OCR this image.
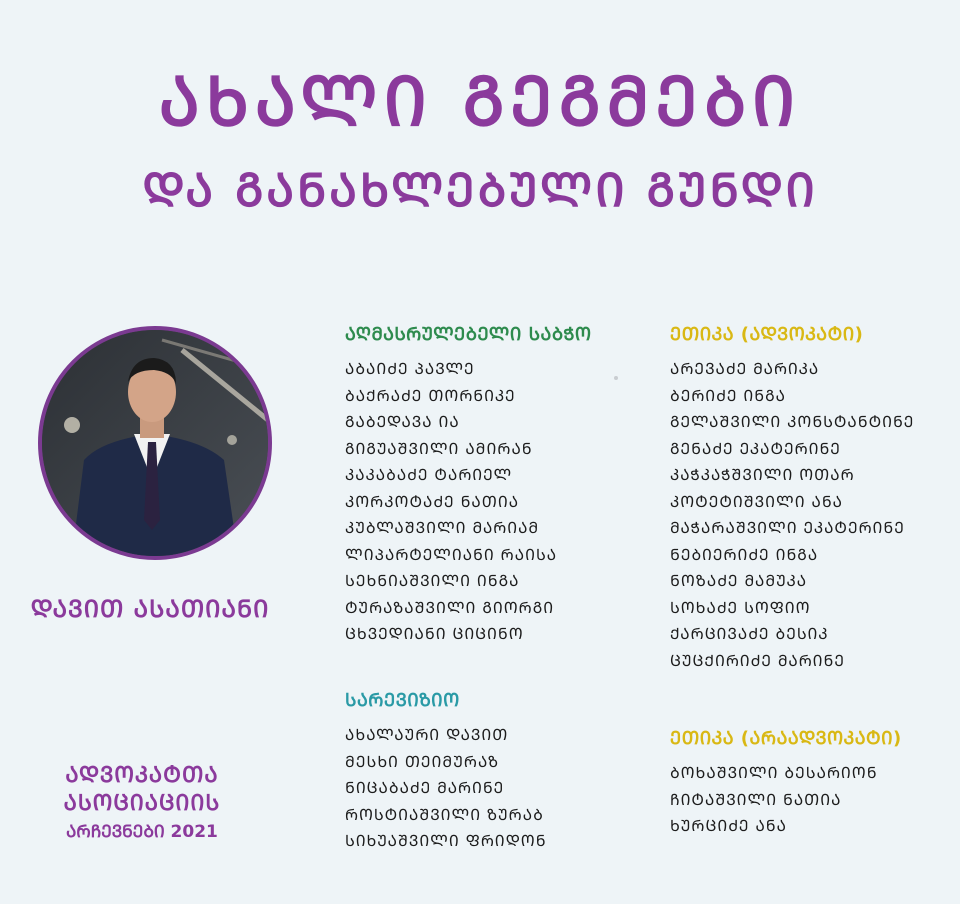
ᲐᲮᲐᲚᲘ ᲒᲔᲒᲛᲔᲑᲘ
ᲓᲐ ᲒᲐᲜᲐᲮᲚᲔᲑᲣᲚᲘ ᲒᲣᲜᲓᲘ
ᲓᲐᲕᲘᲗ ᲐᲡᲐᲗᲘᲐᲜᲘ
ᲐᲓᲕᲝᲙᲐᲢᲗᲐ
ᲐᲡᲝᲪᲘᲐᲪᲘᲘᲡ
ᲐᲠᲩᲔᲕᲜᲔᲑᲘ 2021
ᲐᲦᲛᲐᲡᲠᲣᲚᲔᲑᲔᲚᲘ ᲡᲐᲑᲭᲝ
ᲐᲑᲐᲘᲫᲔ ᲞᲐᲕᲚᲔ
ᲑᲐᲥᲠᲐᲫᲔ ᲗᲝᲠᲜᲘᲙᲔ
ᲒᲐᲑᲔᲓᲐᲕᲐ ᲘᲐ
ᲒᲘᲒᲣᲐᲨᲕᲘᲚᲘ ᲐᲛᲘᲠᲐᲜ
ᲙᲐᲙᲐᲑᲐᲫᲔ ᲢᲐᲠᲘᲔᲚ
ᲙᲝᲠᲙᲝᲢᲐᲫᲔ ᲜᲐᲗᲘᲐ
ᲙᲣᲑᲚᲐᲨᲕᲘᲚᲘ ᲛᲐᲠᲘᲐᲛ
ᲚᲘᲞᲐᲠᲢᲔᲚᲘᲐᲜᲘ ᲠᲐᲘᲡᲐ
ᲡᲔᲮᲜᲘᲐᲨᲕᲘᲚᲘ ᲘᲜᲒᲐ
ᲢᲣᲠᲐᲖᲐᲨᲕᲘᲚᲘ ᲒᲘᲝᲠᲒᲘ
ᲪᲮᲕᲔᲓᲘᲐᲜᲘ ᲪᲘᲪᲘᲜᲝ
ᲡᲐᲠᲔᲕᲘᲖᲘᲝ
ᲐᲮᲐᲚᲐᲣᲠᲘ ᲓᲐᲕᲘᲗ
ᲛᲔᲡᲮᲘ ᲗᲔᲘᲛᲣᲠᲐᲖ
ᲜᲘᲪᲐᲑᲐᲫᲔ ᲛᲐᲠᲘᲜᲔ
ᲠᲝᲡᲢᲘᲐᲨᲕᲘᲚᲘ ᲖᲣᲠᲐᲑ
ᲡᲘᲮᲣᲐᲨᲕᲘᲚᲘ ᲤᲠᲘᲓᲝᲜ
ᲔᲗᲘᲙᲐ (ᲐᲓᲕᲝᲙᲐᲢᲘ)
ᲐᲠᲔᲕᲐᲫᲔ ᲛᲐᲠᲘᲙᲐ
ᲑᲔᲠᲘᲫᲔ ᲘᲜᲒᲐ
ᲒᲔᲚᲐᲨᲕᲘᲚᲘ ᲙᲝᲜᲡᲢᲐᲜᲢᲘᲜᲔ
ᲒᲔᲜᲐᲫᲔ ᲔᲙᲐᲢᲔᲠᲘᲜᲔ
ᲙᲐᲭᲙᲐᲭᲨᲕᲘᲚᲘ ᲝᲗᲐᲠ
ᲙᲝᲢᲔᲢᲘᲨᲕᲘᲚᲘ ᲐᲜᲐ
ᲛᲐᲭᲐᲠᲐᲨᲕᲘᲚᲘ ᲔᲙᲐᲢᲔᲠᲘᲜᲔ
ᲜᲔᲑᲘᲔᲠᲘᲫᲔ ᲘᲜᲒᲐ
ᲜᲝᲖᲐᲫᲔ ᲛᲐᲛᲣᲙᲐ
ᲡᲝᲮᲐᲫᲔ ᲡᲝᲤᲘᲝ
ᲥᲐᲠᲪᲘᲕᲐᲫᲔ ᲑᲔᲡᲘᲙ
ᲪᲣᲪᲥᲘᲠᲘᲫᲔ ᲛᲐᲠᲘᲜᲔ
ᲔᲗᲘᲙᲐ (ᲐᲠᲐᲐᲓᲕᲝᲙᲐᲢᲘ)
ᲑᲝᲮᲐᲨᲕᲘᲚᲘ ᲑᲔᲡᲐᲠᲘᲝᲜ
ᲩᲘᲢᲐᲨᲕᲘᲚᲘ ᲜᲐᲗᲘᲐ
ᲮᲣᲠᲪᲘᲫᲔ ᲐᲜᲐ
